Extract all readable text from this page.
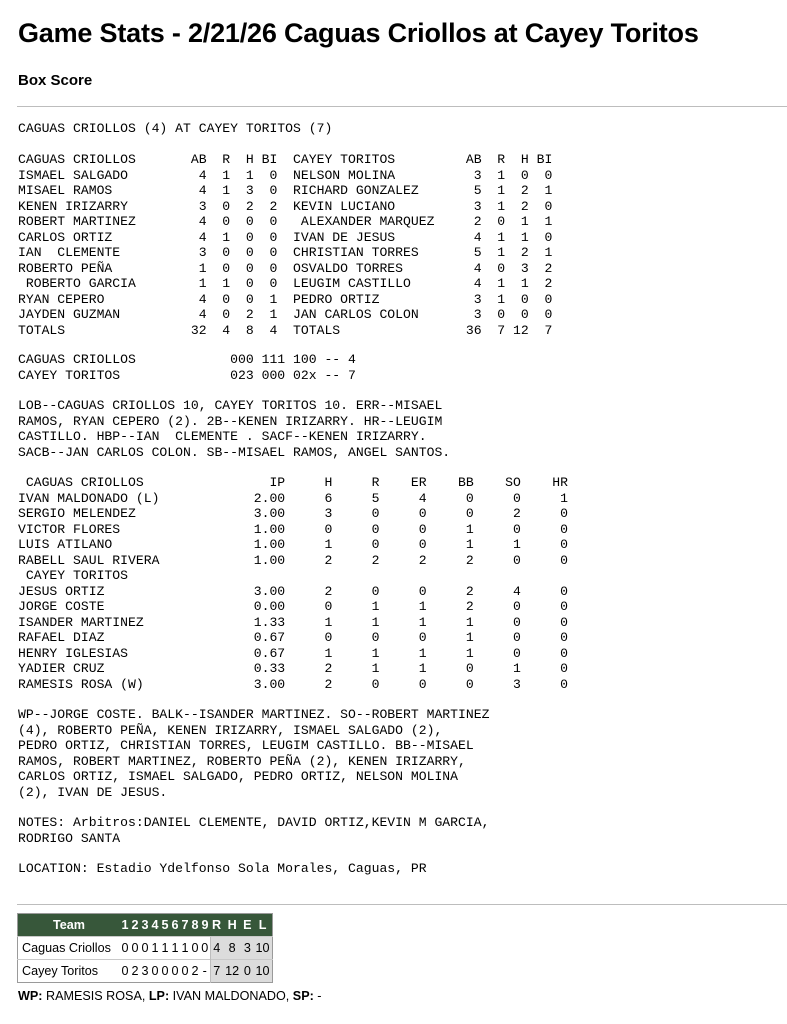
Game Stats - 2/21/26 Caguas Criollos at Cayey Toritos
Box Score
CAGUAS CRIOLLOS (4) AT CAYEY TORITOS (7)
CAGUAS CRIOLLOS       AB  R  H BI  CAYEY TORITOS         AB  R  H BI
ISMAEL SALGADO         4  1  1  0  NELSON MOLINA          3  1  0  0
MISAEL RAMOS           4  1  3  0  RICHARD GONZALEZ       5  1  2  1
KENEN IRIZARRY         3  0  2  2  KEVIN LUCIANO          3  1  2  0
ROBERT MARTINEZ        4  0  0  0   ALEXANDER MARQUEZ     2  0  1  1
CARLOS ORTIZ           4  1  0  0  IVAN DE JESUS          4  1  1  0
IAN  CLEMENTE          3  0  0  0  CHRISTIAN TORRES       5  1  2  1
ROBERTO PEÑA           1  0  0  0  OSVALDO TORRES         4  0  3  2
ROBERTO GARCIA        1  1  0  0  LEUGIM CASTILLO        4  1  1  2
RYAN CEPERO            4  0  0  1  PEDRO ORTIZ            3  1  0  0
JAYDEN GUZMAN          4  0  2  1  JAN CARLOS COLON       3  0  0  0
TOTALS                32  4  8  4  TOTALS                36  7 12  7
CAGUAS CRIOLLOS            000 111 100 -- 4
CAYEY TORITOS              023 000 02x -- 7
LOB--CAGUAS CRIOLLOS 10, CAYEY TORITOS 10. ERR--MISAEL
RAMOS, RYAN CEPERO (2). 2B--KENEN IRIZARRY. HR--LEUGIM
CASTILLO. HBP--IAN  CLEMENTE . SACF--KENEN IRIZARRY.
SACB--JAN CARLOS COLON. SB--MISAEL RAMOS, ANGEL SANTOS.
CAGUAS CRIOLLOS                IP     H     R    ER    BB    SO    HR
IVAN MALDONADO (L)            2.00     6     5     4     0     0     1
SERGIO MELENDEZ               3.00     3     0     0     0     2     0
VICTOR FLORES                 1.00     0     0     0     1     0     0
LUIS ATILANO                  1.00     1     0     0     1     1     0
RABELL SAUL RIVERA            1.00     2     2     2     2     0     0
CAYEY TORITOS
JESUS ORTIZ                   3.00     2     0     0     2     4     0
JORGE COSTE                   0.00     0     1     1     2     0     0
ISANDER MARTINEZ              1.33     1     1     1     1     0     0
RAFAEL DIAZ                   0.67     0     0     0     1     0     0
HENRY IGLESIAS                0.67     1     1     1     1     0     0
YADIER CRUZ                   0.33     2     1     1     0     1     0
RAMESIS ROSA (W)              3.00     2     0     0     0     3     0
WP--JORGE COSTE. BALK--ISANDER MARTINEZ. SO--ROBERT MARTINEZ
(4), ROBERTO PEÑA, KENEN IRIZARRY, ISMAEL SALGADO (2),
PEDRO ORTIZ, CHRISTIAN TORRES, LEUGIM CASTILLO. BB--MISAEL
RAMOS, ROBERT MARTINEZ, ROBERTO PEÑA (2), KENEN IRIZARRY,
CARLOS ORTIZ, ISMAEL SALGADO, PEDRO ORTIZ, NELSON MOLINA
(2), IVAN DE JESUS.
NOTES: Arbitros:DANIEL CLEMENTE, DAVID ORTIZ,KEVIN M GARCIA,
RODRIGO SANTA
LOCATION: Estadio Ydelfonso Sola Morales, Caguas, PR
Team	1	2	3	4	5	6	7	8	9	R	H	E	L
Caguas Criollos	0	0	0	1	1	1	1	0	0	4	8	3	10
Cayey Toritos	0	2	3	0	0	0	0	2	-	7	12	0	10
WP: RAMESIS ROSA, LP: IVAN MALDONADO, SP: -
